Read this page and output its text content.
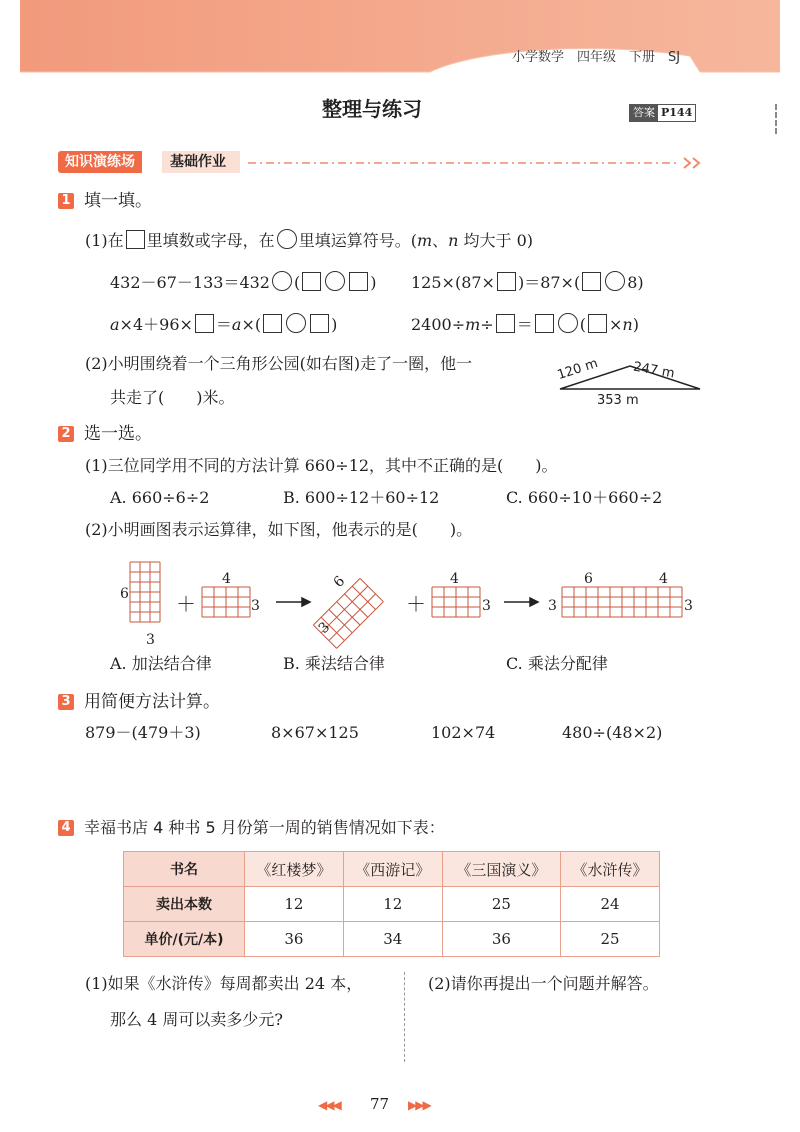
小学数学　四年级　下册　SJ
整理与练习	答案 P144
知识演练场	基础作业
1 填一填。
(1)在 里填数或字母，在 里填运算符号。(m、n 均大于 0)
432－67－133＝432 (	) 125×(87× )＝87×(	8)
a×4＋96× ＝a×(	)	2400÷m÷ ＝	( ×n)
(2)小明围绕着一个三角形公园(如右图)走了一圈，他一
共走了(　　)米。
120 m 247 m
353 m
2 选一选。
(1)三位同学用不同的方法计算 660÷12，其中不正确的是(　　)。
A. 660÷6÷2	B. 600÷12＋60÷12	C. 660÷10＋660÷2
(2)小明画图表示运算律，如下图，他表示的是(　　)。
6
3
＋
4
3
6
3
＋
4
3	3
6	4
3
A. 加法结合律	B. 乘法结合律	C. 乘法分配律
3 用简便方法计算。
879－(479＋3)	8×67×125	102×74	480÷(48×2)
4 幸福书店 4 种书 5 月份第一周的销售情况如下表：
书名	《红楼梦》	《西游记》	《三国演义》	《水浒传》
卖出本数	12	12	25	24
单价/(元/本)	36	34	36	25
(1)如果《水浒传》每周都卖出 24 本，
那么 4 周可以卖多少元?
(2)请你再提出一个问题并解答。
◀◀◀ 77 ▶▶▶
